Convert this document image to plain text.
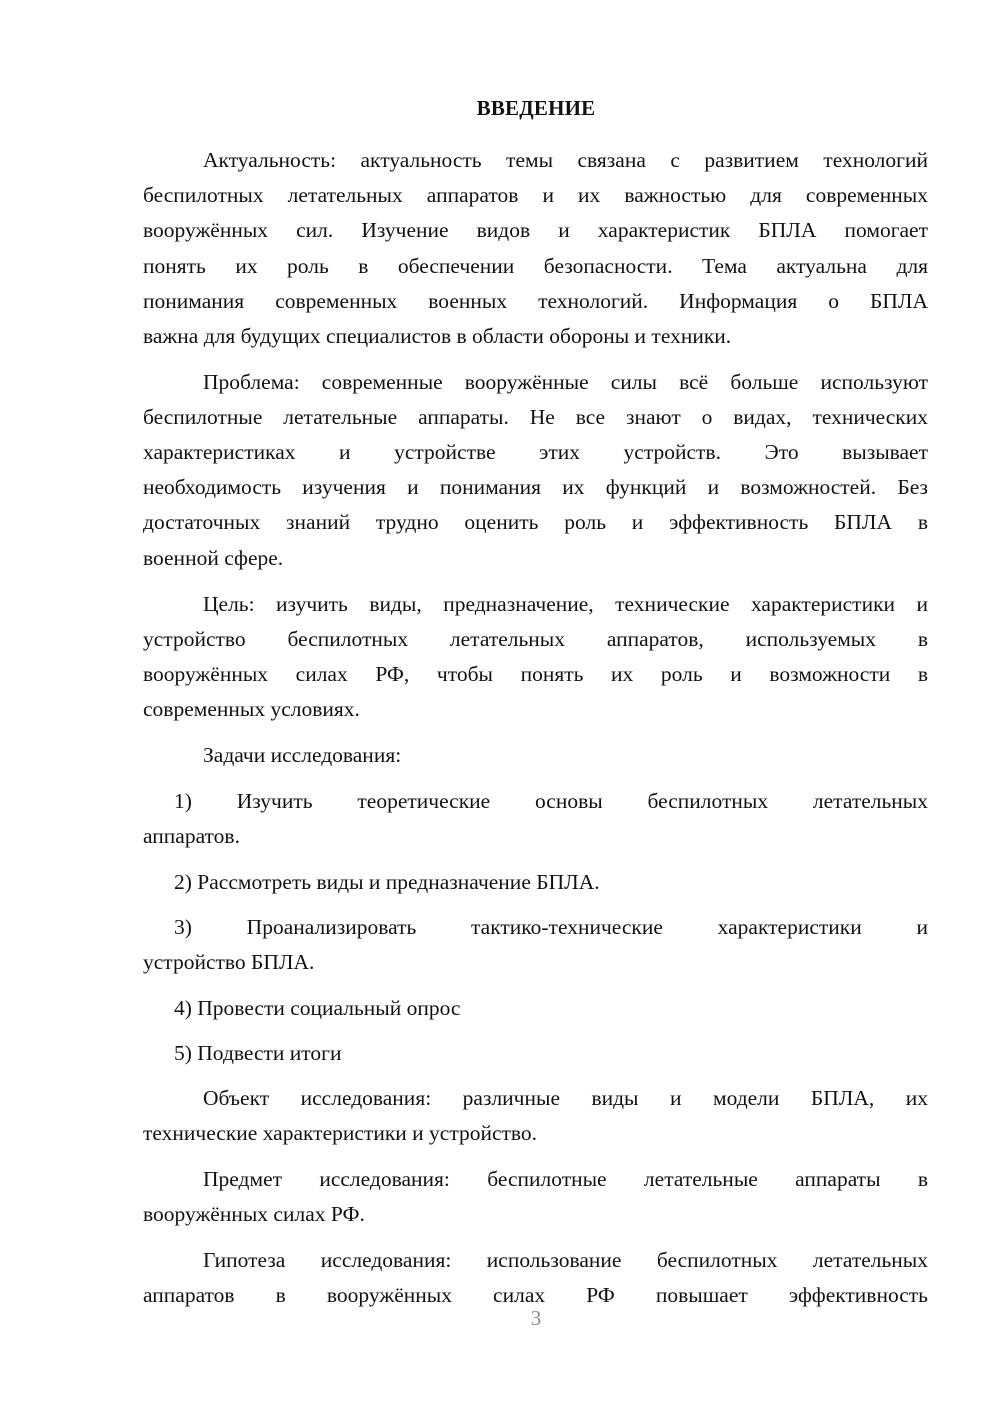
ВВЕДЕНИЕ
Актуальность: актуальность темы связана с развитием технологий
беспилотных летательных аппаратов и их важностью для современных
вооружённых сил. Изучение видов и характеристик БПЛА помогает
понять их роль в обеспечении безопасности. Тема актуальна для
понимания современных военных технологий. Информация о БПЛА
важна для будущих специалистов в области обороны и техники.
Проблема: современные вооружённые силы всё больше используют
беспилотные летательные аппараты. Не все знают о видах, технических
характеристиках и устройстве этих устройств. Это вызывает
необходимость изучения и понимания их функций и возможностей. Без
достаточных знаний трудно оценить роль и эффективность БПЛА в
военной сфере.
Цель: изучить виды, предназначение, технические характеристики и
устройство беспилотных летательных аппаратов, используемых в
вооружённых силах РФ, чтобы понять их роль и возможности в
современных условиях.
Задачи исследования:
1) Изучить теоретические основы беспилотных летательных
аппаратов.
2) Рассмотреть виды и предназначение БПЛА.
3) Проанализировать тактико-технические характеристики и
устройство БПЛА.
4) Провести социальный опрос
5) Подвести итоги
Объект исследования: различные виды и модели БПЛА, их
технические характеристики и устройство.
Предмет исследования: беспилотные летательные аппараты в
вооружённых силах РФ.
Гипотеза исследования: использование беспилотных летательных
аппаратов в вооружённых силах РФ повышает эффективность
3
